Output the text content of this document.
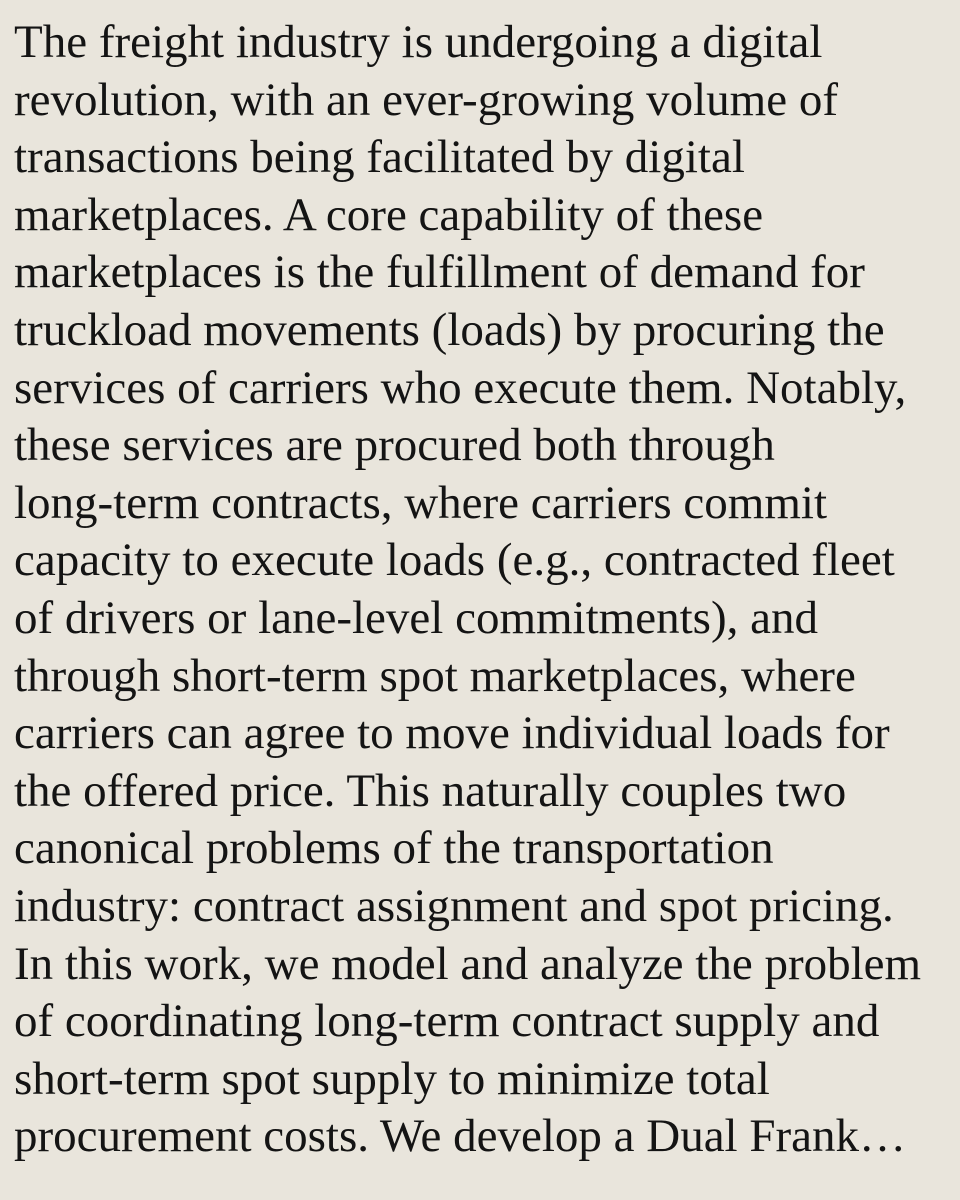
The freight industry is undergoing a digital
revolution, with an ever-growing volume of
transactions being facilitated by digital
marketplaces. A core capability of these
marketplaces is the fulfillment of demand for
truckload movements (loads) by procuring the
services of carriers who execute them. Notably,
these services are procured both through
long-term contracts, where carriers commit
capacity to execute loads (e.g., contracted fleet
of drivers or lane-level commitments), and
through short-term spot marketplaces, where
carriers can agree to move individual loads for
the offered price. This naturally couples two
canonical problems of the transportation
industry: contract assignment and spot pricing.
In this work, we model and analyze the problem
of coordinating long-term contract supply and
short-term spot supply to minimize total
procurement costs. We develop a Dual Frank…
